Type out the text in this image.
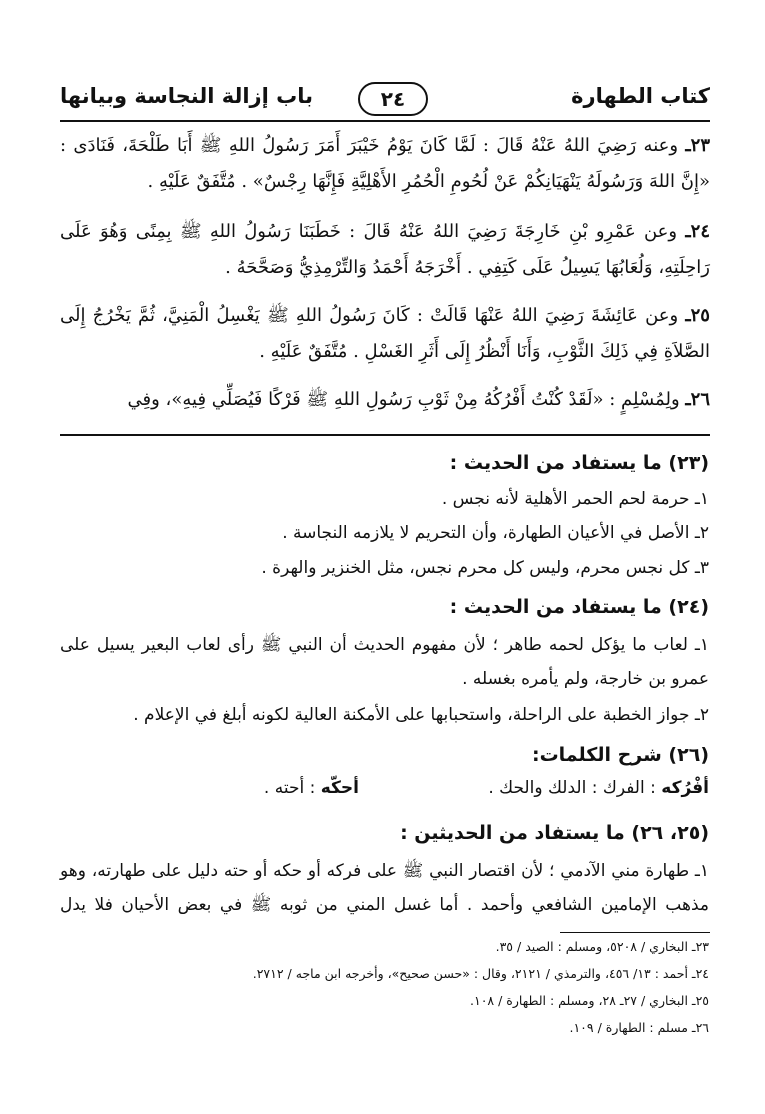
كتاب الطهارة
٢٤
باب إزالة النجاسة وبيانها
٢٣ـ وعنه رَضِيَ اللهُ عَنْهُ قَالَ : لَمَّا كَانَ يَوْمُ خَيْبَرَ أَمَرَ رَسُولُ اللهِ ﷺ أَبَا طَلْحَةَ، فَنَادَى : «إِنَّ اللهَ وَرَسُولَهُ يَنْهَيَانِكُمْ عَنْ لُحُومِ الْحُمُرِ الأَهْلِيَّةِ فَإِنَّهَا رِجْسٌ» . مُتَّفَقٌ عَلَيْهِ .
٢٤ـ وعن عَمْرِو بْنِ خَارِجَةَ رَضِيَ اللهُ عَنْهُ قَالَ : خَطَبَنَا رَسُولُ اللهِ ﷺ بِمِنًى وَهُوَ عَلَى رَاحِلَتِهِ، وَلُعَابُهَا يَسِيلُ عَلَى كَتِفِي . أَخْرَجَهُ أَحْمَدُ وَالتِّرْمِذِيُّ وَصَحَّحَهُ .
٢٥ـ وعن عَائِشَةَ رَضِيَ اللهُ عَنْهَا قَالَتْ : كَانَ رَسُولُ اللهِ ﷺ يَغْسِلُ الْمَنِيَّ، ثُمَّ يَخْرُجُ إِلَى الصَّلاَةِ فِي ذَلِكَ الثَّوْبِ، وَأَنَا أَنْظُرُ إِلَى أَثَرِ الغَسْلِ . مُتَّفَقٌ عَلَيْهِ .
٢٦ـ ولِمُسْلِمٍ : «لَقَدْ كُنْتُ أَفْرُكُهُ مِنْ ثَوْبِ رَسُولِ اللهِ ﷺ فَرْكًا فَيُصَلِّي فِيهِ»، وفِي
(٢٣) ما يستفاد من الحديث :
١ـ حرمة لحم الحمر الأهلية لأنه نجس .
٢ـ الأصل في الأعيان الطهارة، وأن التحريم لا يلازمه النجاسة .
٣ـ كل نجس محرم، وليس كل محرم نجس، مثل الخنزير والهرة .
(٢٤) ما يستفاد من الحديث :
١ـ لعاب ما يؤكل لحمه طاهر ؛ لأن مفهوم الحديث أن النبي ﷺ رأى لعاب البعير يسيل على
عمرو بن خارجة، ولم يأمره بغسله .
٢ـ جواز الخطبة على الراحلة، واستحبابها على الأمكنة العالية لكونه أبلغ في الإعلام .
(٢٦) شرح الكلمات:
أفْرُكه : الفرك : الدلك والحك .
أحكّه : أحته .
(٢٥، ٢٦) ما يستفاد من الحديثين :
١ـ طهارة مني الآدمي ؛ لأن اقتصار النبي ﷺ على فركه أو حكه أو حته دليل على طهارته، وهو
مذهب الإمامين الشافعي وأحمد . أما غسل المني من ثوبه ﷺ في بعض الأحيان فلا يدل
٢٣ـ البخاري / ٥٢٠٨، ومسلم : الصيد / ٣٥.
٢٤ـ أحمد : ١٣/ ٤٥٦، والترمذي / ٢١٢١، وقال : «حسن صحيح»، وأخرجه ابن ماجه / ٢٧١٢.
٢٥ـ البخاري / ٢٧ـ ٢٨، ومسلم : الطهارة / ١٠٨.
٢٦ـ مسلم : الطهارة / ١٠٩.
